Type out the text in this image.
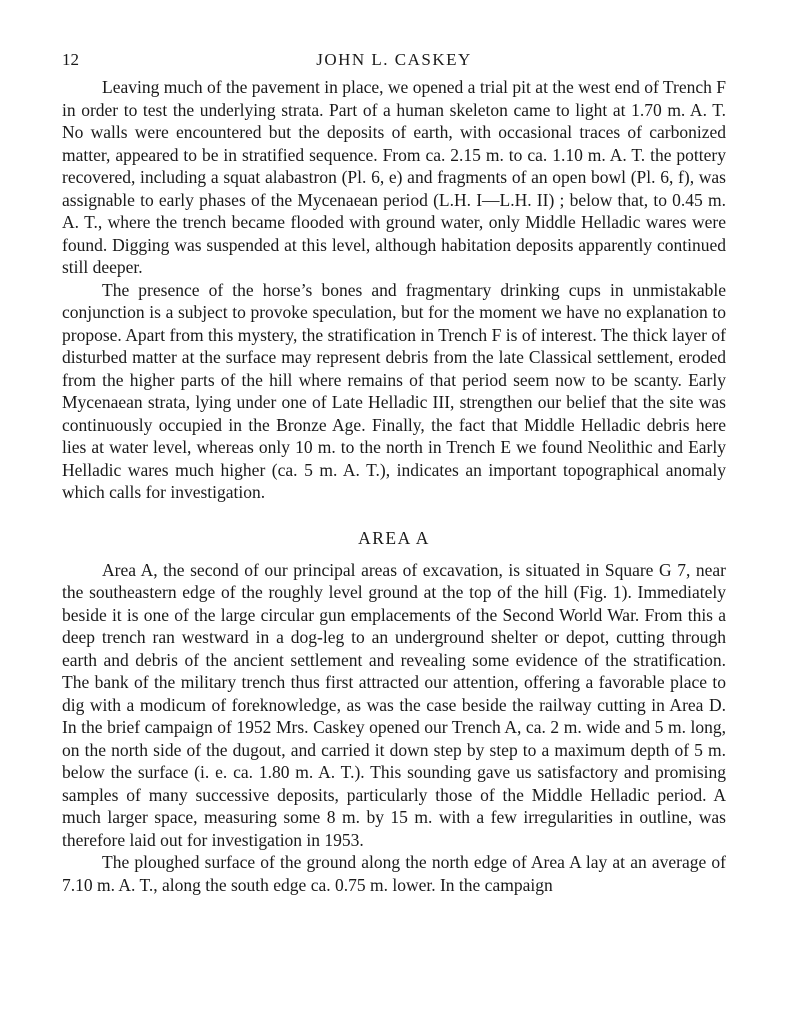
12	JOHN L. CASKEY

Leaving much of the pavement in place, we opened a trial pit at the west end of Trench F in order to test the underlying strata. Part of a human skeleton came to light at 1.70 m. A. T. No walls were encountered but the deposits of earth, with occasional traces of carbonized matter, appeared to be in stratified sequence. From ca. 2.15 m. to ca. 1.10 m. A. T. the pottery recovered, including a squat alabastron (Pl. 6, e) and fragments of an open bowl (Pl. 6, f), was assignable to early phases of the Mycenaean period (L.H. I—L.H. II) ; below that, to 0.45 m. A. T., where the trench became flooded with ground water, only Middle Helladic wares were found. Digging was suspended at this level, although habitation deposits apparently continued still deeper.

The presence of the horse’s bones and fragmentary drinking cups in unmistakable conjunction is a subject to provoke speculation, but for the moment we have no explanation to propose. Apart from this mystery, the stratification in Trench F is of interest. The thick layer of disturbed matter at the surface may represent debris from the late Classical settlement, eroded from the higher parts of the hill where remains of that period seem now to be scanty. Early Mycenaean strata, lying under one of Late Helladic III, strengthen our belief that the site was continuously occupied in the Bronze Age. Finally, the fact that Middle Helladic debris here lies at water level, whereas only 10 m. to the north in Trench E we found Neolithic and Early Helladic wares much higher (ca. 5 m. A. T.), indicates an important topographical anomaly which calls for investigation.

AREA A

Area A, the second of our principal areas of excavation, is situated in Square G 7, near the southeastern edge of the roughly level ground at the top of the hill (Fig. 1). Immediately beside it is one of the large circular gun emplacements of the Second World War. From this a deep trench ran westward in a dog-leg to an underground shelter or depot, cutting through earth and debris of the ancient settlement and revealing some evidence of the stratification. The bank of the military trench thus first attracted our attention, offering a favorable place to dig with a modicum of foreknowledge, as was the case beside the railway cutting in Area D. In the brief campaign of 1952 Mrs. Caskey opened our Trench A, ca. 2 m. wide and 5 m. long, on the north side of the dugout, and carried it down step by step to a maximum depth of 5 m. below the surface (i. e. ca. 1.80 m. A. T.). This sounding gave us satisfactory and promising samples of many successive deposits, particularly those of the Middle Helladic period. A much larger space, measuring some 8 m. by 15 m. with a few irregularities in outline, was therefore laid out for investigation in 1953.

The ploughed surface of the ground along the north edge of Area A lay at an average of 7.10 m. A. T., along the south edge ca. 0.75 m. lower. In the campaign
